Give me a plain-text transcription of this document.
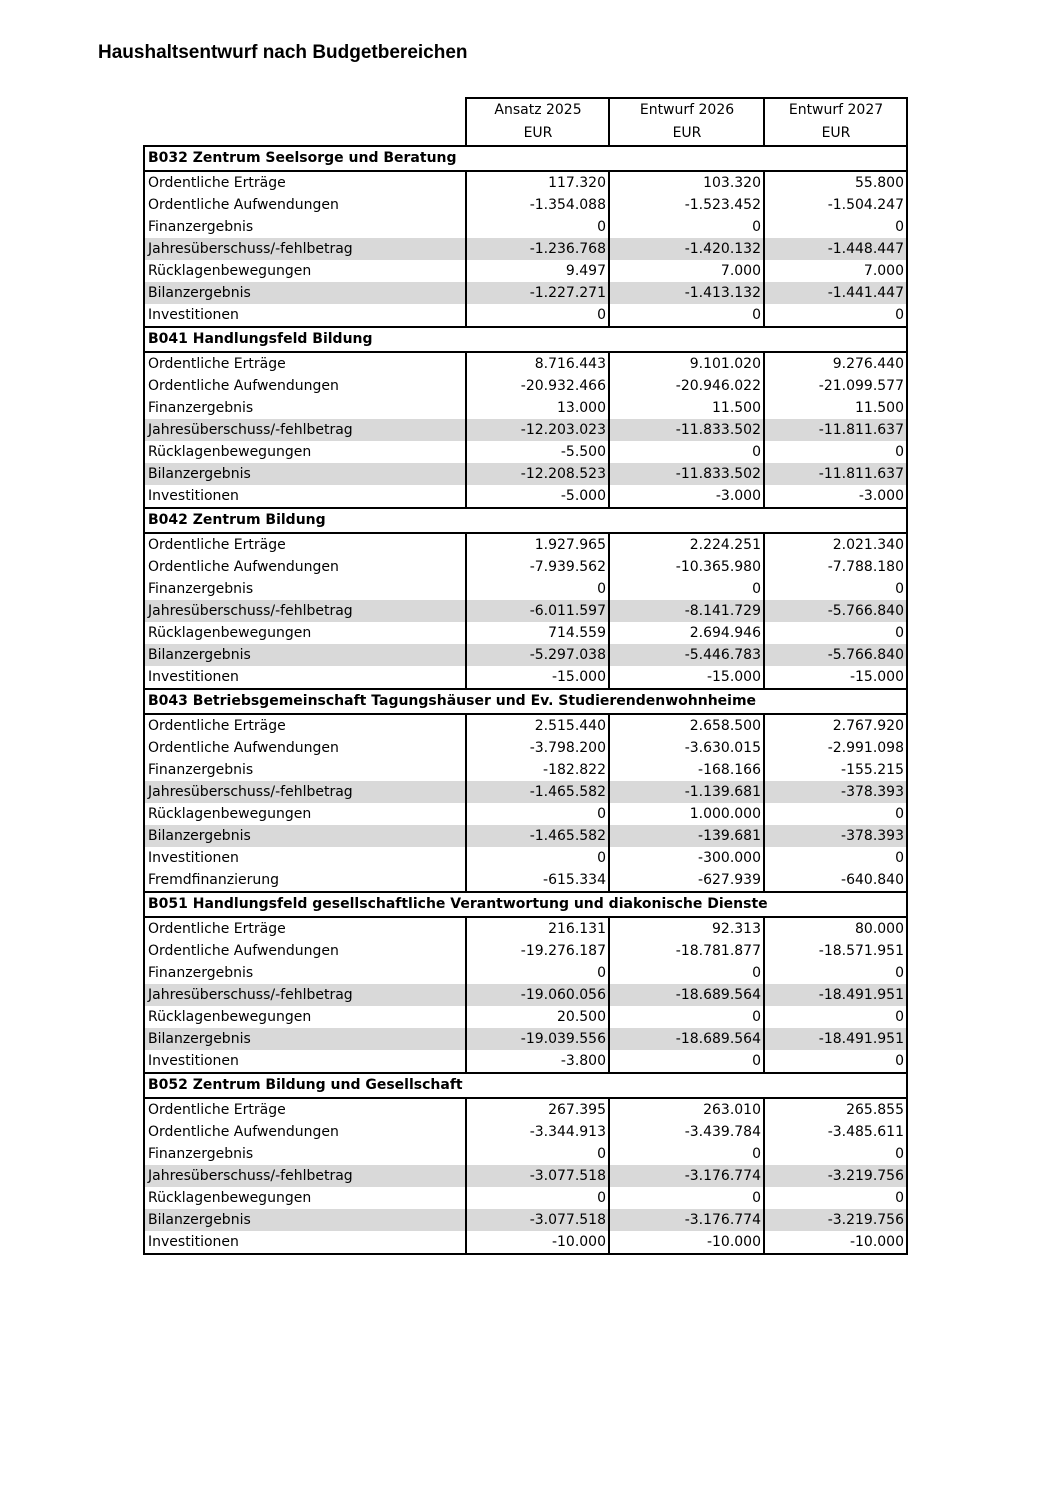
Haushaltsentwurf nach Budgetbereichen
	Ansatz 2025	Entwurf 2026	Entwurf 2027
	EUR	EUR	EUR
B032 Zentrum Seelsorge und Beratung			
Ordentliche Erträge	117.320	103.320	55.800
Ordentliche Aufwendungen	-1.354.088	-1.523.452	-1.504.247
Finanzergebnis	0	0	0
Jahresüberschuss/-fehlbetrag	-1.236.768	-1.420.132	-1.448.447
Rücklagenbewegungen	9.497	7.000	7.000
Bilanzergebnis	-1.227.271	-1.413.132	-1.441.447
Investitionen	0	0	0
B041 Handlungsfeld Bildung			
Ordentliche Erträge	8.716.443	9.101.020	9.276.440
Ordentliche Aufwendungen	-20.932.466	-20.946.022	-21.099.577
Finanzergebnis	13.000	11.500	11.500
Jahresüberschuss/-fehlbetrag	-12.203.023	-11.833.502	-11.811.637
Rücklagenbewegungen	-5.500	0	0
Bilanzergebnis	-12.208.523	-11.833.502	-11.811.637
Investitionen	-5.000	-3.000	-3.000
B042 Zentrum Bildung			
Ordentliche Erträge	1.927.965	2.224.251	2.021.340
Ordentliche Aufwendungen	-7.939.562	-10.365.980	-7.788.180
Finanzergebnis	0	0	0
Jahresüberschuss/-fehlbetrag	-6.011.597	-8.141.729	-5.766.840
Rücklagenbewegungen	714.559	2.694.946	0
Bilanzergebnis	-5.297.038	-5.446.783	-5.766.840
Investitionen	-15.000	-15.000	-15.000
B043 Betriebsgemeinschaft Tagungshäuser und Ev. Studierendenwohnheime			
Ordentliche Erträge	2.515.440	2.658.500	2.767.920
Ordentliche Aufwendungen	-3.798.200	-3.630.015	-2.991.098
Finanzergebnis	-182.822	-168.166	-155.215
Jahresüberschuss/-fehlbetrag	-1.465.582	-1.139.681	-378.393
Rücklagenbewegungen	0	1.000.000	0
Bilanzergebnis	-1.465.582	-139.681	-378.393
Investitionen	0	-300.000	0
Fremdfinanzierung	-615.334	-627.939	-640.840
B051 Handlungsfeld gesellschaftliche Verantwortung und diakonische Dienste			
Ordentliche Erträge	216.131	92.313	80.000
Ordentliche Aufwendungen	-19.276.187	-18.781.877	-18.571.951
Finanzergebnis	0	0	0
Jahresüberschuss/-fehlbetrag	-19.060.056	-18.689.564	-18.491.951
Rücklagenbewegungen	20.500	0	0
Bilanzergebnis	-19.039.556	-18.689.564	-18.491.951
Investitionen	-3.800	0	0
B052 Zentrum Bildung und Gesellschaft			
Ordentliche Erträge	267.395	263.010	265.855
Ordentliche Aufwendungen	-3.344.913	-3.439.784	-3.485.611
Finanzergebnis	0	0	0
Jahresüberschuss/-fehlbetrag	-3.077.518	-3.176.774	-3.219.756
Rücklagenbewegungen	0	0	0
Bilanzergebnis	-3.077.518	-3.176.774	-3.219.756
Investitionen	-10.000	-10.000	-10.000
